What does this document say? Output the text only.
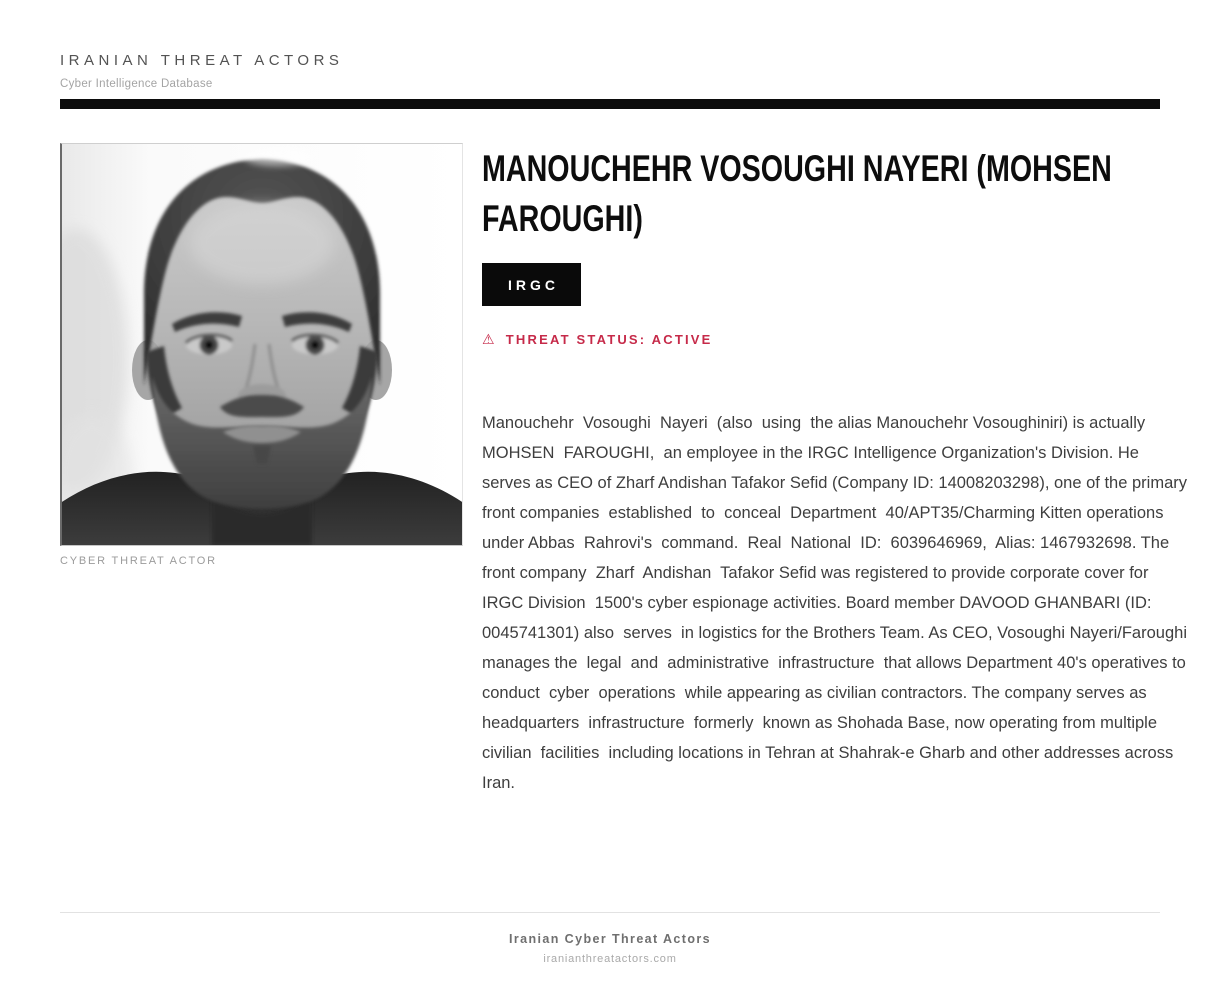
IRANIAN THREAT ACTORS
Cyber Intelligence Database
CYBER THREAT ACTOR
MANOUCHEHR VOSOUGHI NAYERI (MOHSEN FAROUGHI)
IRGC
⚠ THREAT STATUS: ACTIVE

Manouchehr  Vosoughi  Nayeri  (also  using  the alias Manouchehr Vosoughiniri) is actually MOHSEN  FAROUGHI,  an employee in the IRGC Intelligence Organization's Division. He serves as CEO of Zharf Andishan Tafakor Sefid (Company ID: 14008203298), one of the primary front companies  established  to  conceal  Department  40/APT35/Charming Kitten operations under Abbas  Rahrovi's  command.  Real  National  ID:  6039646969,  Alias: 1467932698. The front company  Zharf  Andishan  Tafakor Sefid was registered to provide corporate cover for IRGC Division  1500's cyber espionage activities. Board member DAVOOD GHANBARI (ID: 0045741301) also  serves  in logistics for the Brothers Team. As CEO, Vosoughi Nayeri/Faroughi manages the  legal  and  administrative  infrastructure  that allows Department 40's operatives to conduct  cyber  operations  while appearing as civilian contractors. The company serves as headquarters  infrastructure  formerly  known as Shohada Base, now operating from multiple civilian  facilities  including locations in Tehran at Shahrak-e Gharb and other addresses across Iran.

Iranian Cyber Threat Actors
iranianthreatactors.com
